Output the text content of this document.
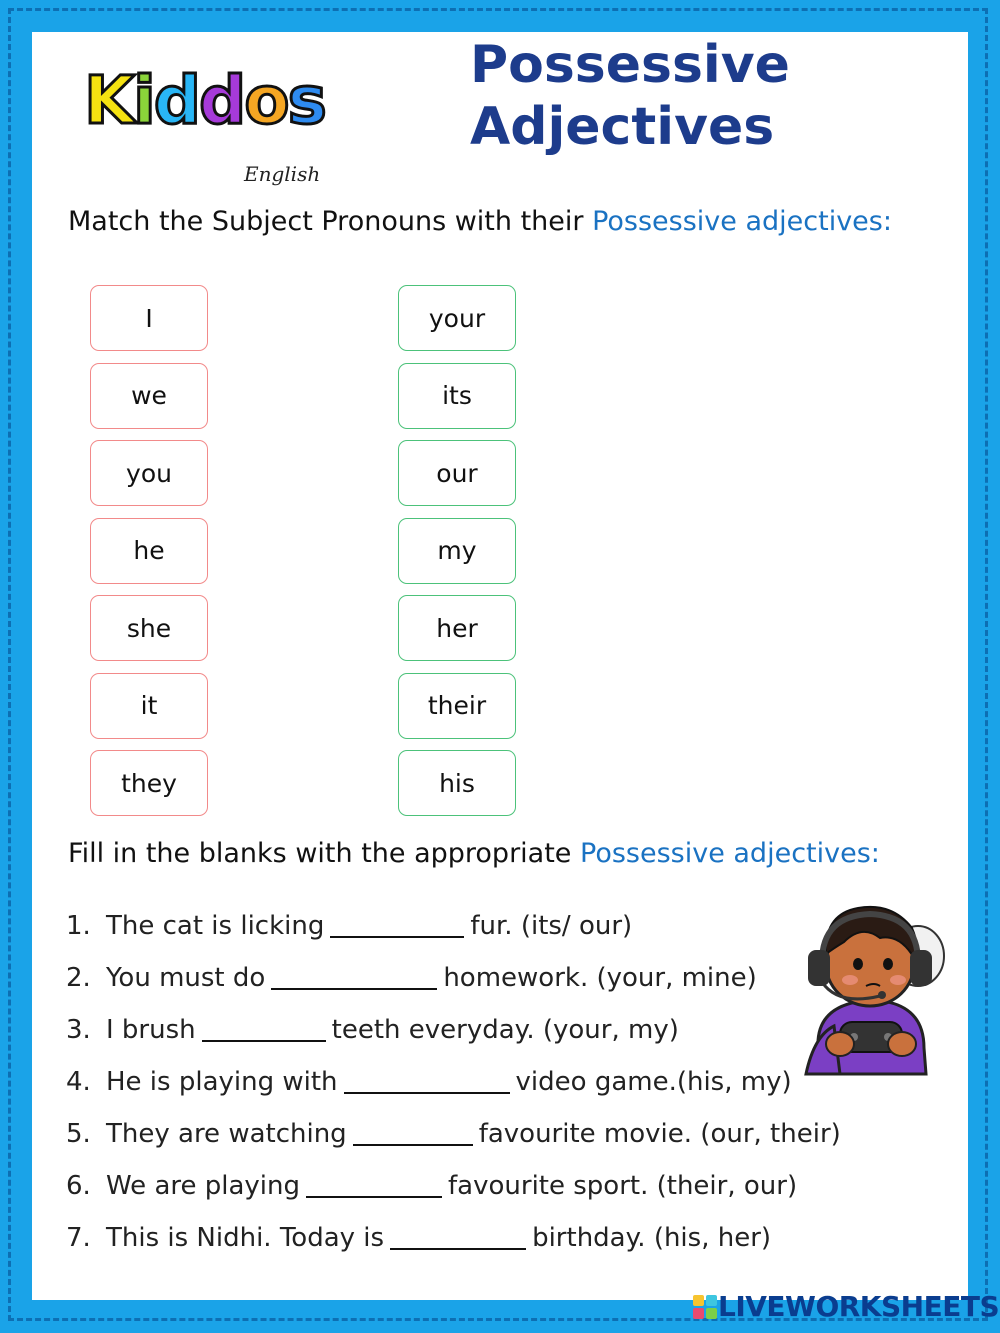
Kiddos
English
Possessive
Adjectives
Match the Subject Pronouns with their Possessive adjectives:
I
we
you
he
she
it
they
your
its
our
my
her
their
his
Fill in the blanks with the appropriate Possessive adjectives:
1. The cat is licking	fur. (its/ our)
2. You must do	homework. (your, mine)
3. I brush	teeth everyday. (your, my)
4. He is playing with	video game.(his, my)
5. They are watching	favourite movie. (our, their)
6. We are playing	favourite sport. (their, our)
7. This is Nidhi. Today is	birthday. (his, her)
LIVEWORKSHEETS
